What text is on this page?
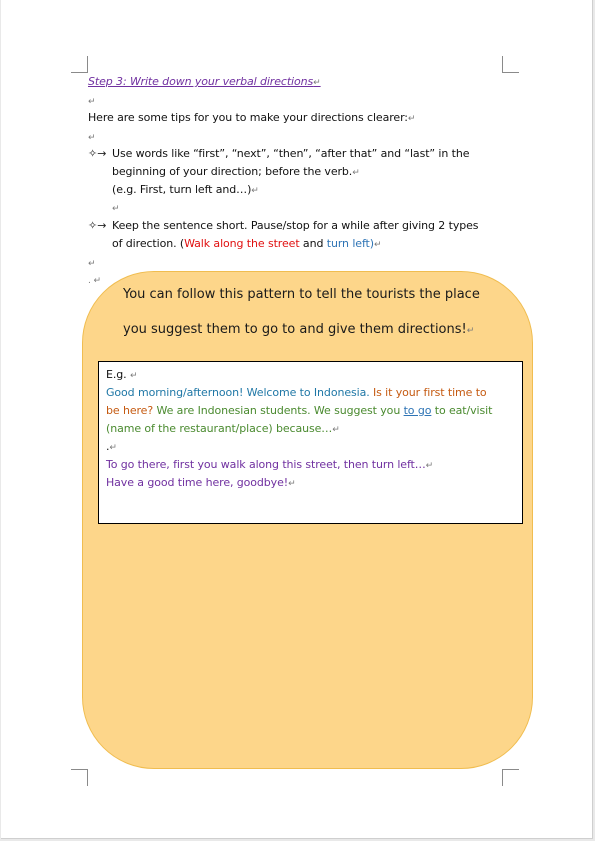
Step 3: Write down your verbal directions↵
↵
Here are some tips for you to make your directions clearer:↵
↵
✧→ Use words like “first”, “next”, “then”, “after that” and “last” in the
beginning of your direction; before the verb.↵
(e.g. First, turn left and…)↵
↵
✧→ Keep the sentence short. Pause/stop for a while after giving 2 types
of direction. (Walk along the street and turn left)↵
↵
. ↵
You can follow this pattern to tell the tourists the place
you suggest them to go to and give them directions!↵
E.g. ↵
Good morning/afternoon! Welcome to Indonesia. Is it your first time to
be here? We are Indonesian students. We suggest you to go to eat/visit
(name of the restaurant/place) because…↵
.↵
To go there, first you walk along this street, then turn left…↵
Have a good time here, goodbye!↵
